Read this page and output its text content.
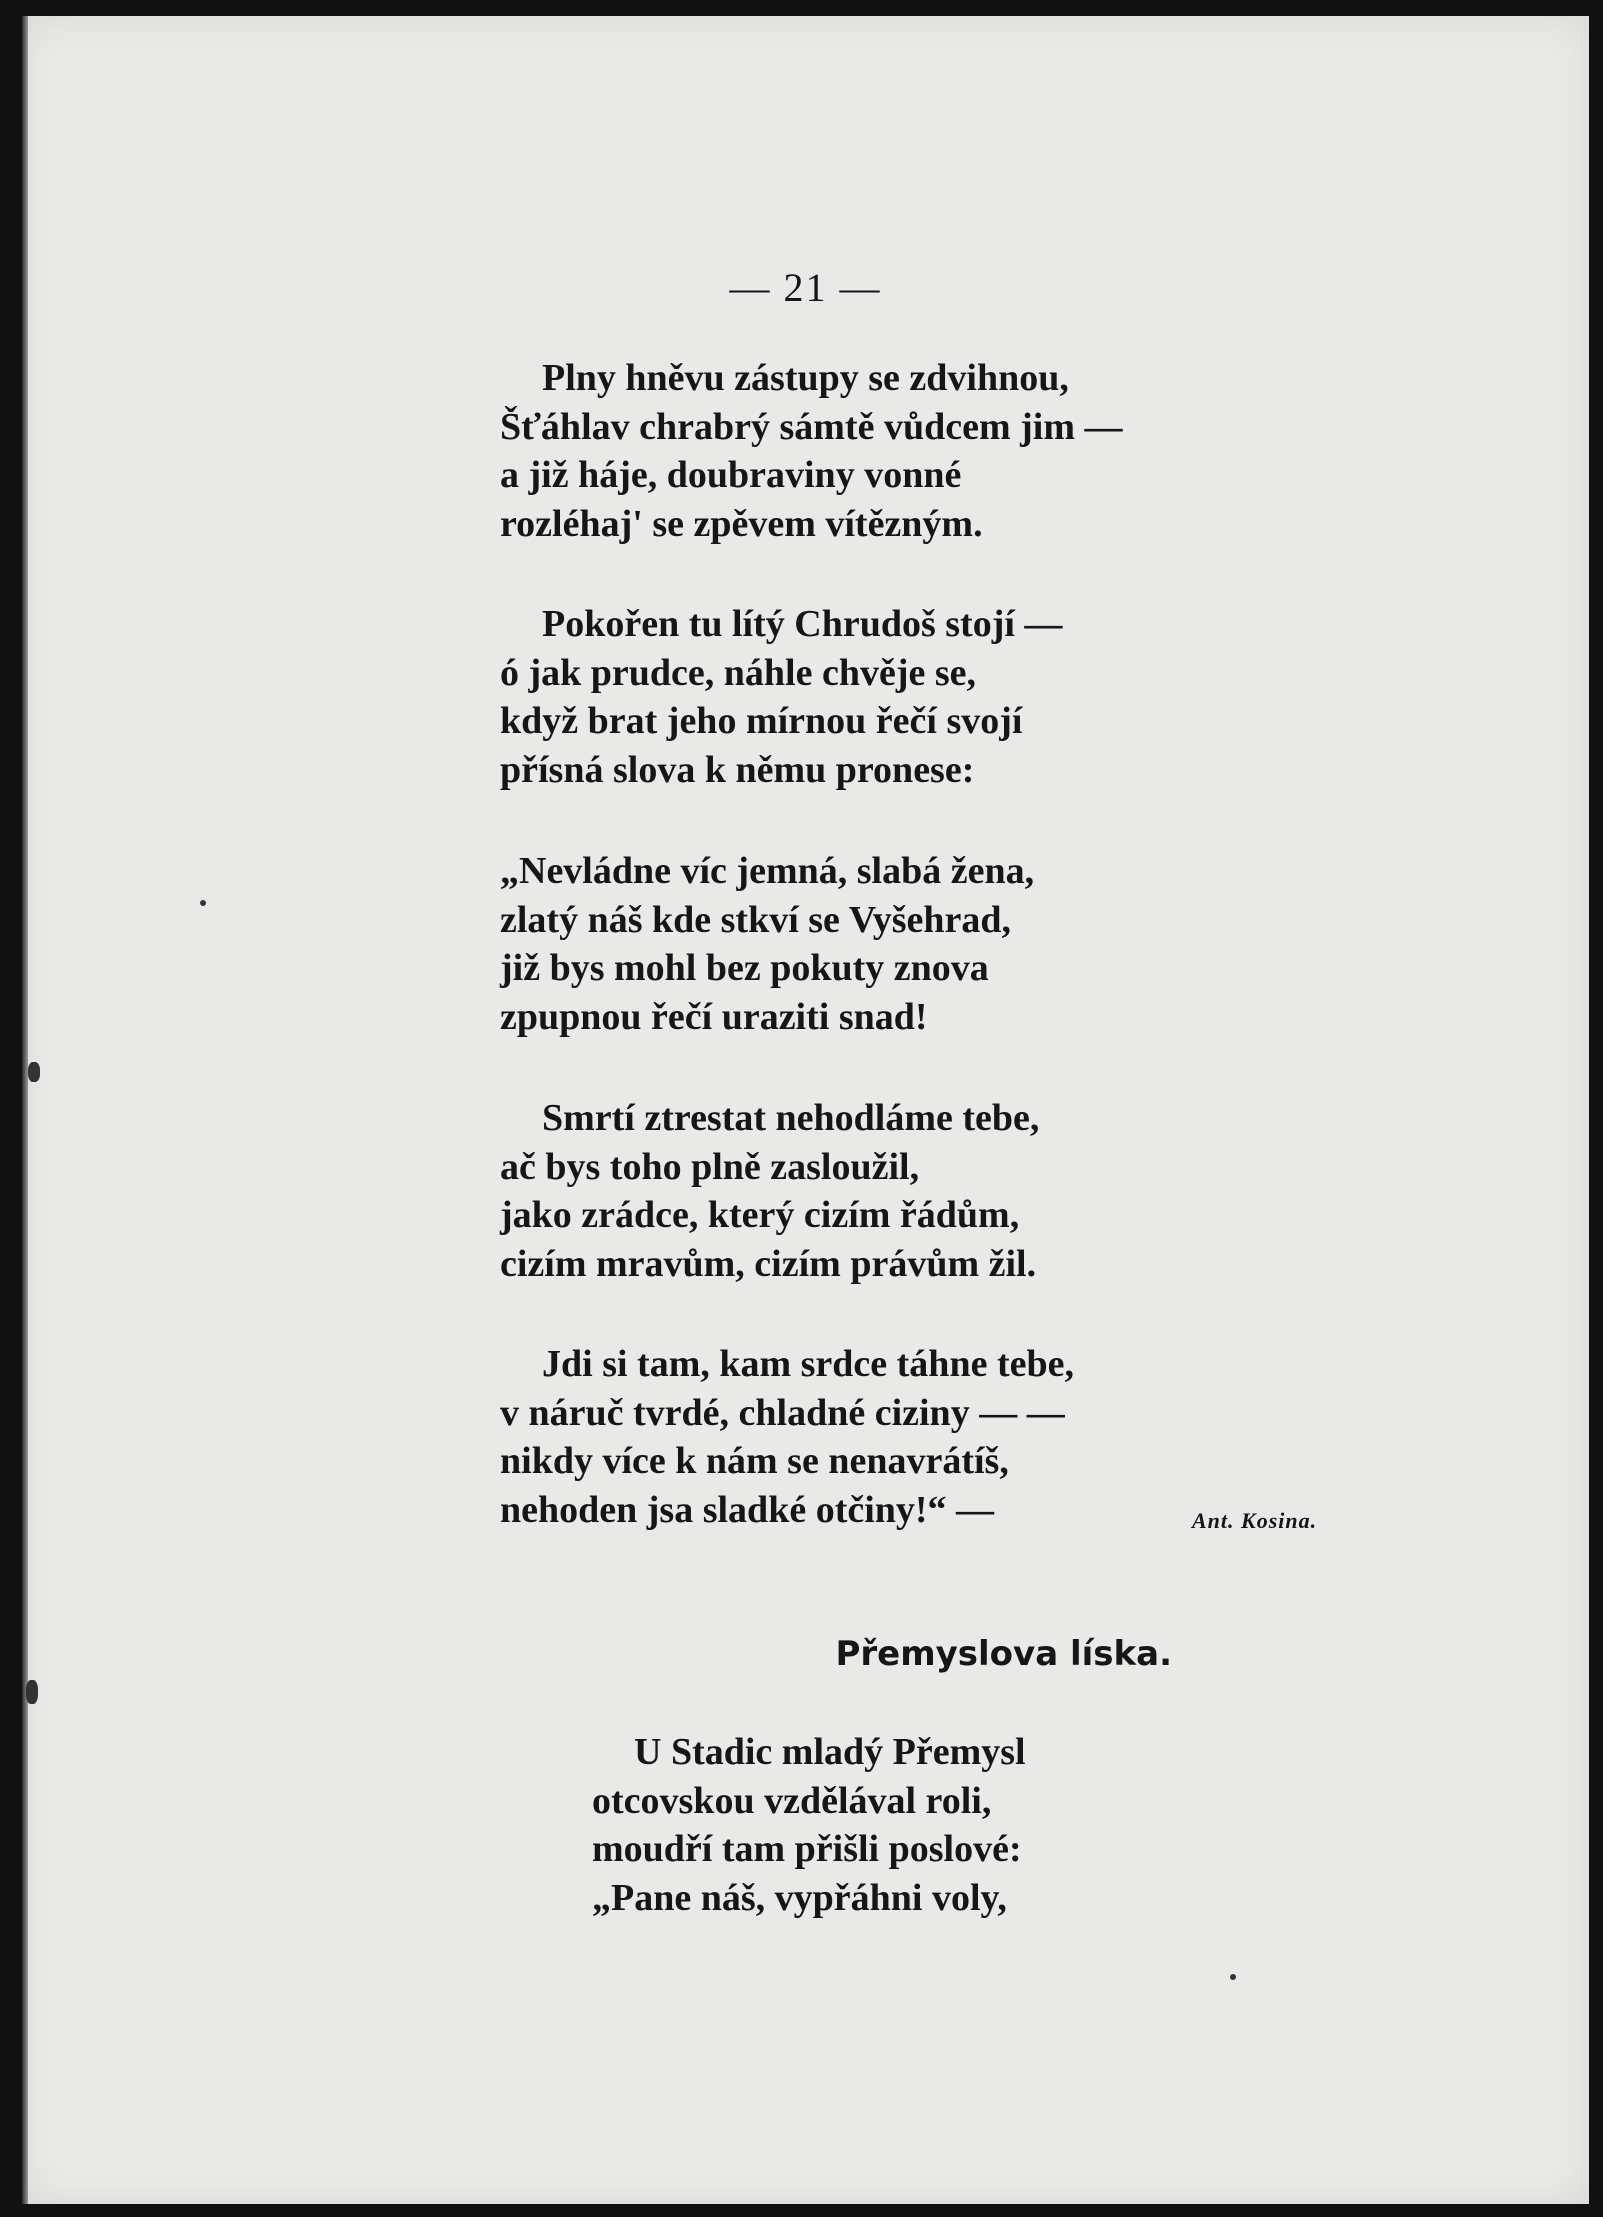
— 21 —
Plny hněvu zástupy se zdvihnou,
Šťáhlav chrabrý sámtě vůdcem jim —
a již háje, doubraviny vonné
rozléhaj' se zpěvem vítězným.
Pokořen tu lítý Chrudoš stojí —
ó jak prudce, náhle chvěje se,
když brat jeho mírnou řečí svojí
přísná slova k němu pronese:
„Nevládne víc jemná, slabá žena,
zlatý náš kde stkví se Vyšehrad,
již bys mohl bez pokuty znova
zpupnou řečí uraziti snad!
Smrtí ztrestat nehodláme tebe,
ač bys toho plně zasloužil,
jako zrádce, který cizím řádům,
cizím mravům, cizím právům žil.
Jdi si tam, kam srdce táhne tebe,
v náruč tvrdé, chladné ciziny — —
nikdy více k nám se nenavrátíš,
nehoden jsa sladké otčiny!“ —	Ant. Kosina.
Přemyslova líska.
U Stadic mladý Přemysl
otcovskou vzdělával roli,
moudří tam přišli poslové:
„Pane náš, vypřáhni voly,
